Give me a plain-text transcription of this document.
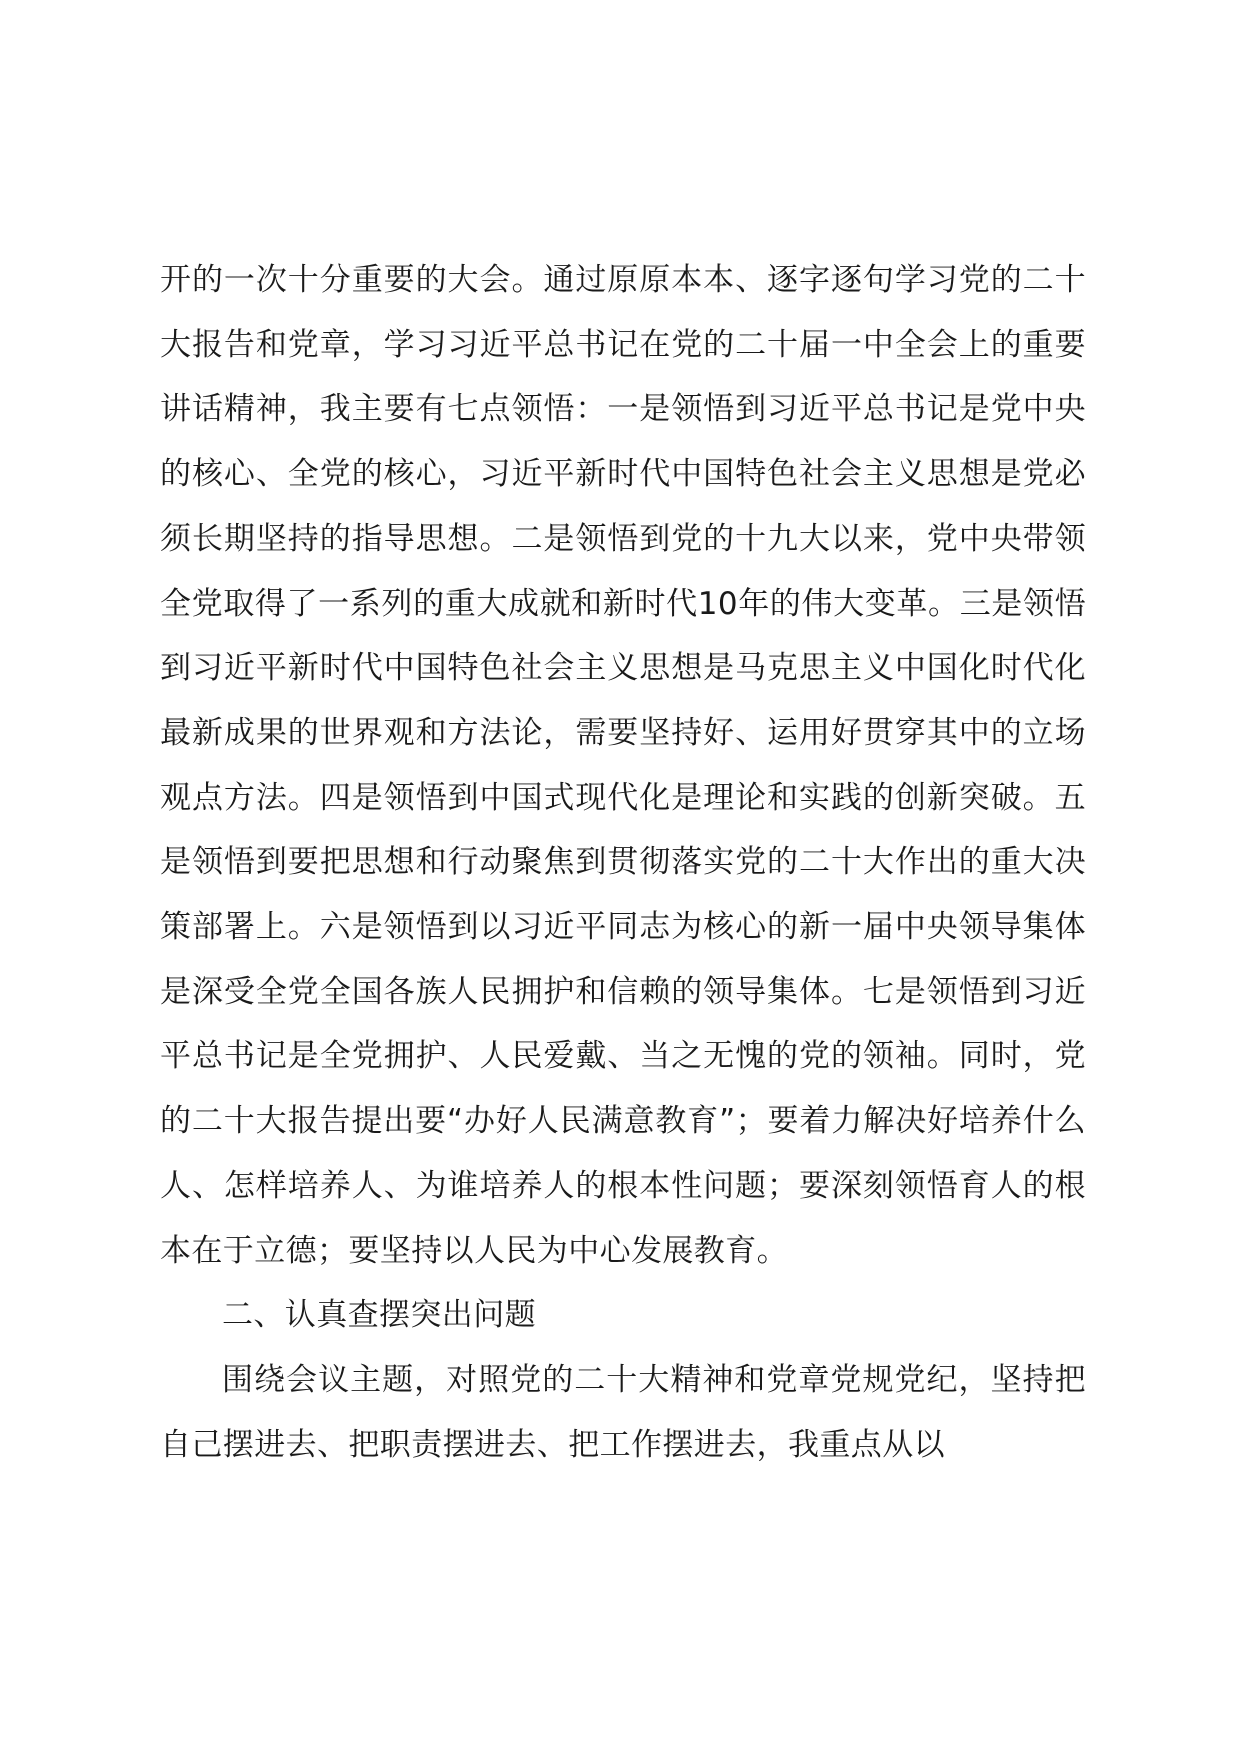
开的一次十分重要的大会。通过原原本本、逐字逐句学习党的二十大报告和党章，学习习近平总书记在党的二十届一中全会上的重要讲话精神，我主要有七点领悟：一是领悟到习近平总书记是党中央的核心、全党的核心，习近平新时代中国特色社会主义思想是党必须长期坚持的指导思想。二是领悟到党的十九大以来，党中央带领全党取得了一系列的重大成就和新时代10年的伟大变革。三是领悟到习近平新时代中国特色社会主义思想是马克思主义中国化时代化最新成果的世界观和方法论，需要坚持好、运用好贯穿其中的立场观点方法。四是领悟到中国式现代化是理论和实践的创新突破。五是领悟到要把思想和行动聚焦到贯彻落实党的二十大作出的重大决策部署上。六是领悟到以习近平同志为核心的新一届中央领导集体是深受全党全国各族人民拥护和信赖的领导集体。七是领悟到习近平总书记是全党拥护、人民爱戴、当之无愧的党的领袖。同时，党的二十大报告提出要“办好人民满意教育”；要着力解决好培养什么人、怎样培养人、为谁培养人的根本性问题；要深刻领悟育人的根本在于立德；要坚持以人民为中心发展教育。

二、认真查摆突出问题

围绕会议主题，对照党的二十大精神和党章党规党纪，坚持把自己摆进去、把职责摆进去、把工作摆进去，我重点从以
